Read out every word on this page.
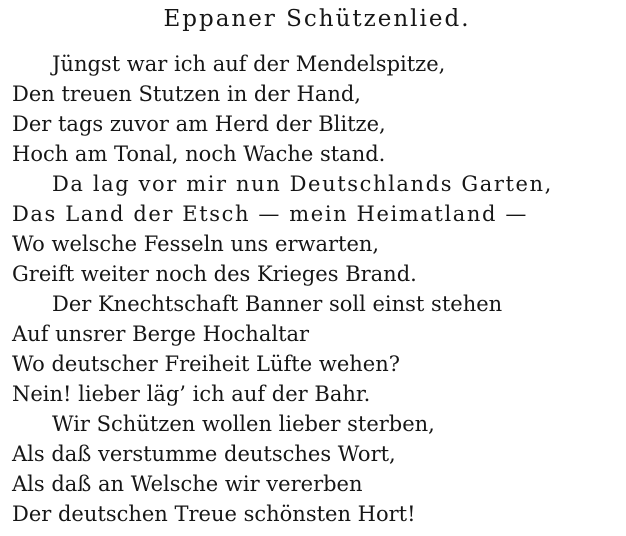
Eppaner Schützenlied.
Jüngst war ich auf der Mendelspitze,
Den treuen Stutzen in der Hand,
Der tags zuvor am Herd der Blitze,
Hoch am Tonal, noch Wache stand.
Da lag vor mir nun Deutschlands Garten,
Das Land der Etsch — mein Heimatland —
Wo welsche Fesseln uns erwarten,
Greift weiter noch des Krieges Brand.
Der Knechtschaft Banner soll einst stehen
Auf unsrer Berge Hochaltar
Wo deutscher Freiheit Lüfte wehen?
Nein! lieber läg’ ich auf der Bahr.
Wir Schützen wollen lieber sterben,
Als daß verstumme deutsches Wort,
Als daß an Welsche wir vererben
Der deutschen Treue schönsten Hort!
